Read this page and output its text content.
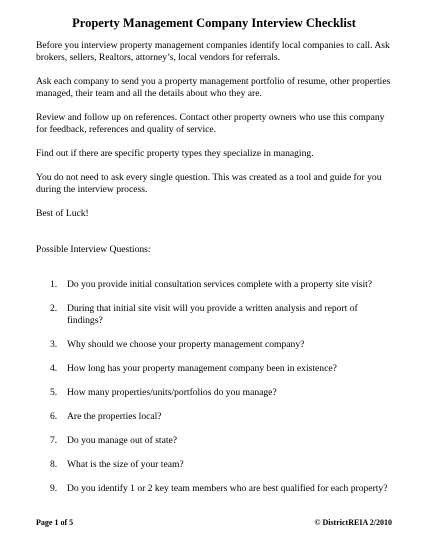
Property Management Company Interview Checklist

Before you interview property management companies identify local companies to call. Ask brokers, sellers, Realtors, attorney’s, local vendors for referrals.

Ask each company to send you a property management portfolio of resume, other properties managed, their team and all the details about who they are.

Review and follow up on references. Contact other property owners who use this company for feedback, references and quality of service.

Find out if there are specific property types they specialize in managing.

You do not need to ask every single question. This was created as a tool and guide for you during the interview process.

Best of Luck!

Possible Interview Questions:

1. Do you provide initial consultation services complete with a property site visit?
2. During that initial site visit will you provide a written analysis and report of findings?
3. Why should we choose your property management company?
4. How long has your property management company been in existence?
5. How many properties/units/portfolios do you manage?
6. Are the properties local?
7. Do you manage out of state?
8. What is the size of your team?
9. Do you identify 1 or 2 key team members who are best qualified for each property?
Page 1 of 5	© DistrictREIA 2/2010
